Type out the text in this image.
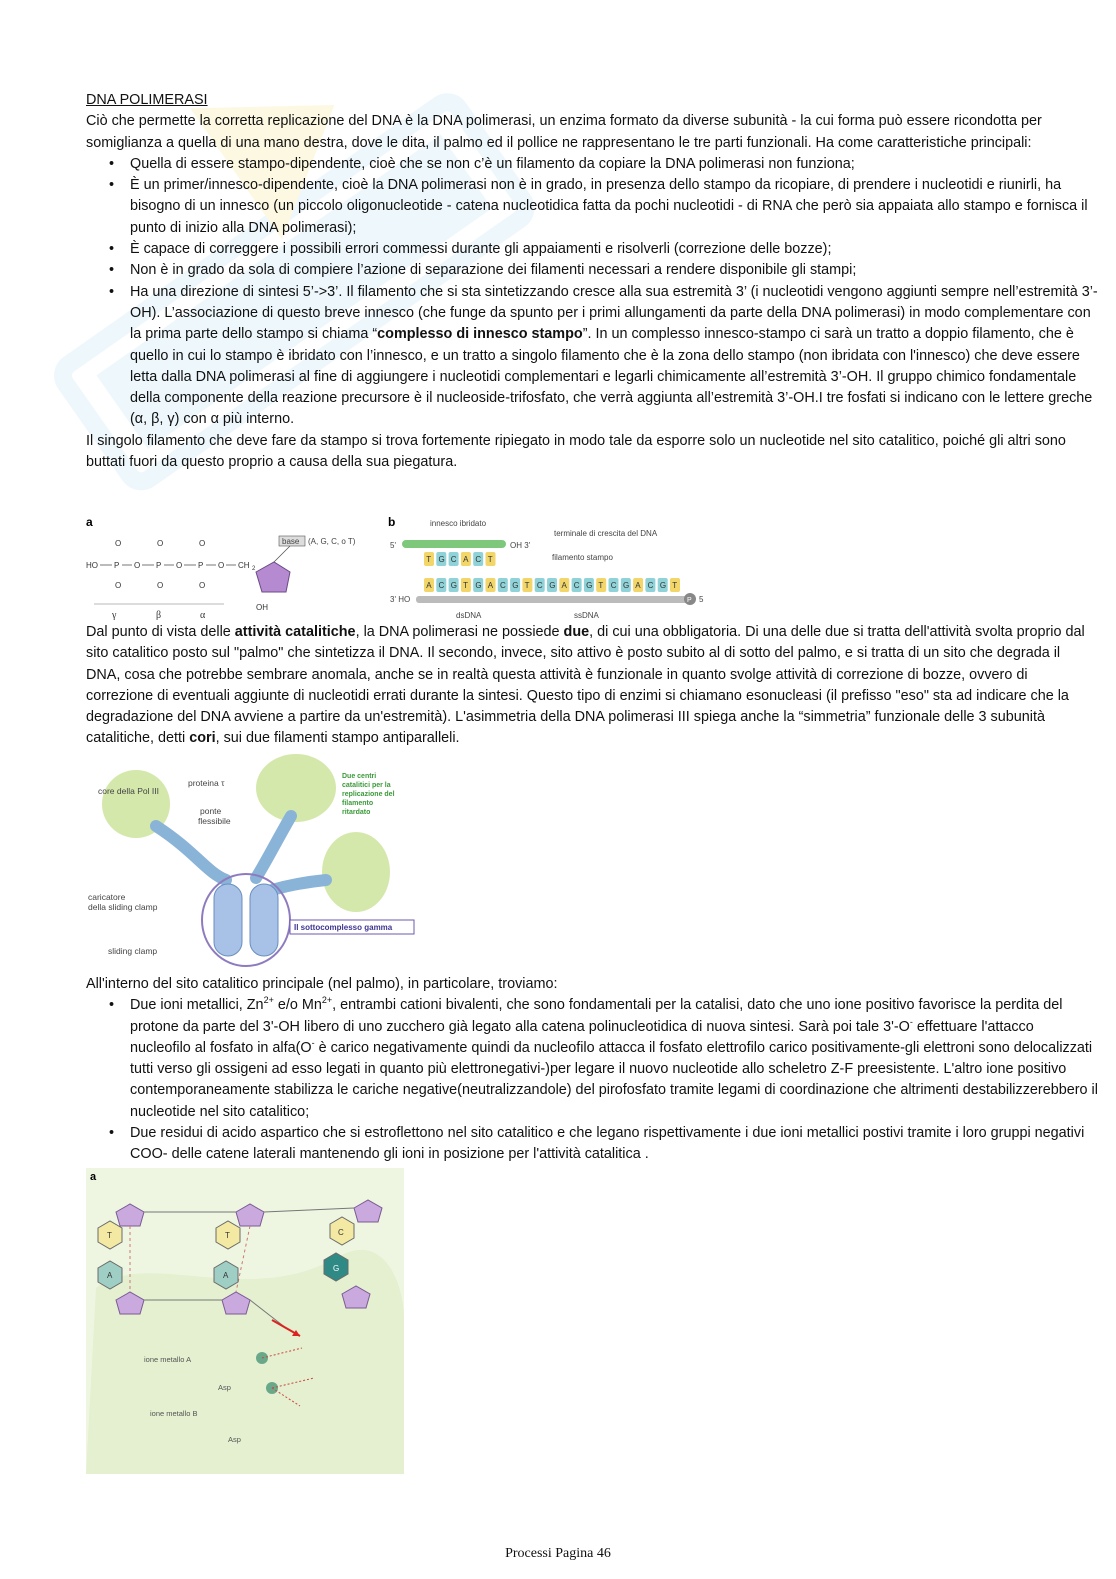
DNA POLIMERASI

Ciò che permette la corretta replicazione del DNA è la DNA polimerasi, un enzima formato da diverse subunità - la cui forma può essere ricondotta per somiglianza a quella di una mano destra, dove le dita, il palmo ed il pollice ne rappresentano le tre parti funzionali. Ha come caratteristiche principali:

• Quella di essere stampo-dipendente, cioè che se non c’è un filamento da copiare la DNA polimerasi non funziona;
• È un primer/innesco-dipendente, cioè la DNA polimerasi non è in grado, in presenza dello stampo da ricopiare, di prendere i nucleotidi e riunirli, ha bisogno di un innesco (un piccolo oligonucleotide - catena nucleotidica fatta da pochi nucleotidi - di RNA che però sia appaiata allo stampo e fornisca il punto di inizio alla DNA polimerasi);
• È capace di correggere i possibili errori commessi durante gli appaiamenti e risolverli (correzione delle bozze);
• Non è in grado da sola di compiere l’azione di separazione dei filamenti necessari a rendere disponibile gli stampi;
• Ha una direzione di sintesi 5’->3’. Il filamento che si sta sintetizzando cresce alla sua estremità 3’ (i nucleotidi vengono aggiunti sempre nell’estremità 3’-OH). L’associazione di questo breve innesco (che funge da spunto per i primi allungamenti da parte della DNA polimerasi) in modo complementare con la prima parte dello stampo si chiama “complesso di innesco stampo”. In un complesso innesco-stampo ci sarà un tratto a doppio filamento, che è quello in cui lo stampo è ibridato con l’innesco, e un tratto a singolo filamento che è la zona dello stampo (non ibridata con l'innesco) che deve essere letta dalla DNA polimerasi al fine di aggiungere i nucleotidi complementari e legarli chimicamente all’estremità 3’-OH. Il gruppo chimico fondamentale della componente della reazione precursore è il nucleoside-trifosfato, che verrà aggiunta all’estremità 3’-OH.I tre fosfati si indicano con le lettere greche (α, β, γ) con α più interno.

Il singolo filamento che deve fare da stampo si trova fortemente ripiegato in modo tale da esporre solo un nucleotide nel sito catalitico, poiché gli altri sono buttati fuori da questo proprio a causa della sua piegatura.

a
base (A, G, C, o T)
HO P O P O P O CH 2
O	O	O
O	O	O
OH
γ	β	α
b	innesco ibridato
terminale di crescita del DNA
filamento stampo
5'	OH 3'
3' HO	P 5
T G C A C T
A C G T G A C G T C G A C G T C G A C G T
dsDNA	ssDNA

Dal punto di vista delle attività catalitiche, la DNA polimerasi ne possiede due, di cui una obbligatoria. Di una delle due si tratta dell'attività svolta proprio dal sito catalitico posto sul "palmo" che sintetizza il DNA. Il secondo, invece, sito attivo è posto subito al di sotto del palmo, e si tratta di un sito che degrada il DNA, cosa che potrebbe sembrare anomala, anche se in realtà questa attività è funzionale in quanto svolge attività di correzione di bozze, ovvero di correzione di eventuali aggiunte di nucleotidi errati durante la sintesi. Questo tipo di enzimi si chiamano esonucleasi (il prefisso "eso" sta ad indicare che la degradazione del DNA avviene a partire da un'estremità). L'asimmetria della DNA polimerasi III spiega anche la “simmetria” funzionale delle 3 subunità catalitiche, detti cori, sui due filamenti stampo antiparalleli.

core della Pol III
proteina τ
ponte
flessibile
caricatore
della sliding clamp
sliding clamp
Due centri
catalitici per la
replicazione del
filamento
ritardato
Il sottocomplesso gamma

All'interno del sito catalitico principale (nel palmo), in particolare, troviamo:

• Due ioni metallici, $Zn^{2+}$ e/o $Mn^{2+}$, entrambi cationi bivalenti, che sono fondamentali per la catalisi, dato che uno ione positivo favorisce la perdita del protone da parte del 3'-OH libero di uno zucchero già legato alla catena polinucleotidica di nuova sintesi. Sarà poi tale 3'-O- effettuare l'attacco nucleofilo al fosfato in alfa(O- è carico negativamente quindi da nucleofilo attacca il fosfato elettrofilo carico positivamente-gli elettroni sono delocalizzati tutti verso gli ossigeni ad esso legati in quanto più elettronegativi-)per legare il nuovo nucleotide allo scheletro Z-F preesistente. L'altro ione positivo contemporaneamente stabilizza le cariche negative(neutralizzandole) del pirofosfato tramite legami di coordinazione che altrimenti destabilizzerebbero il nucleotide nel sito catalitico;
• Due residui di acido aspartico che si estroflettono nel sito catalitico e che legano rispettivamente i due ioni metallici postivi tramite i loro gruppi negativi COO- delle catene laterali mantenendo gli ioni in posizione per l'attività catalitica .
a
T	T	C
A	A
G
ione metallo A
ione metallo B
Asp
Asp
Processi Pagina 46
